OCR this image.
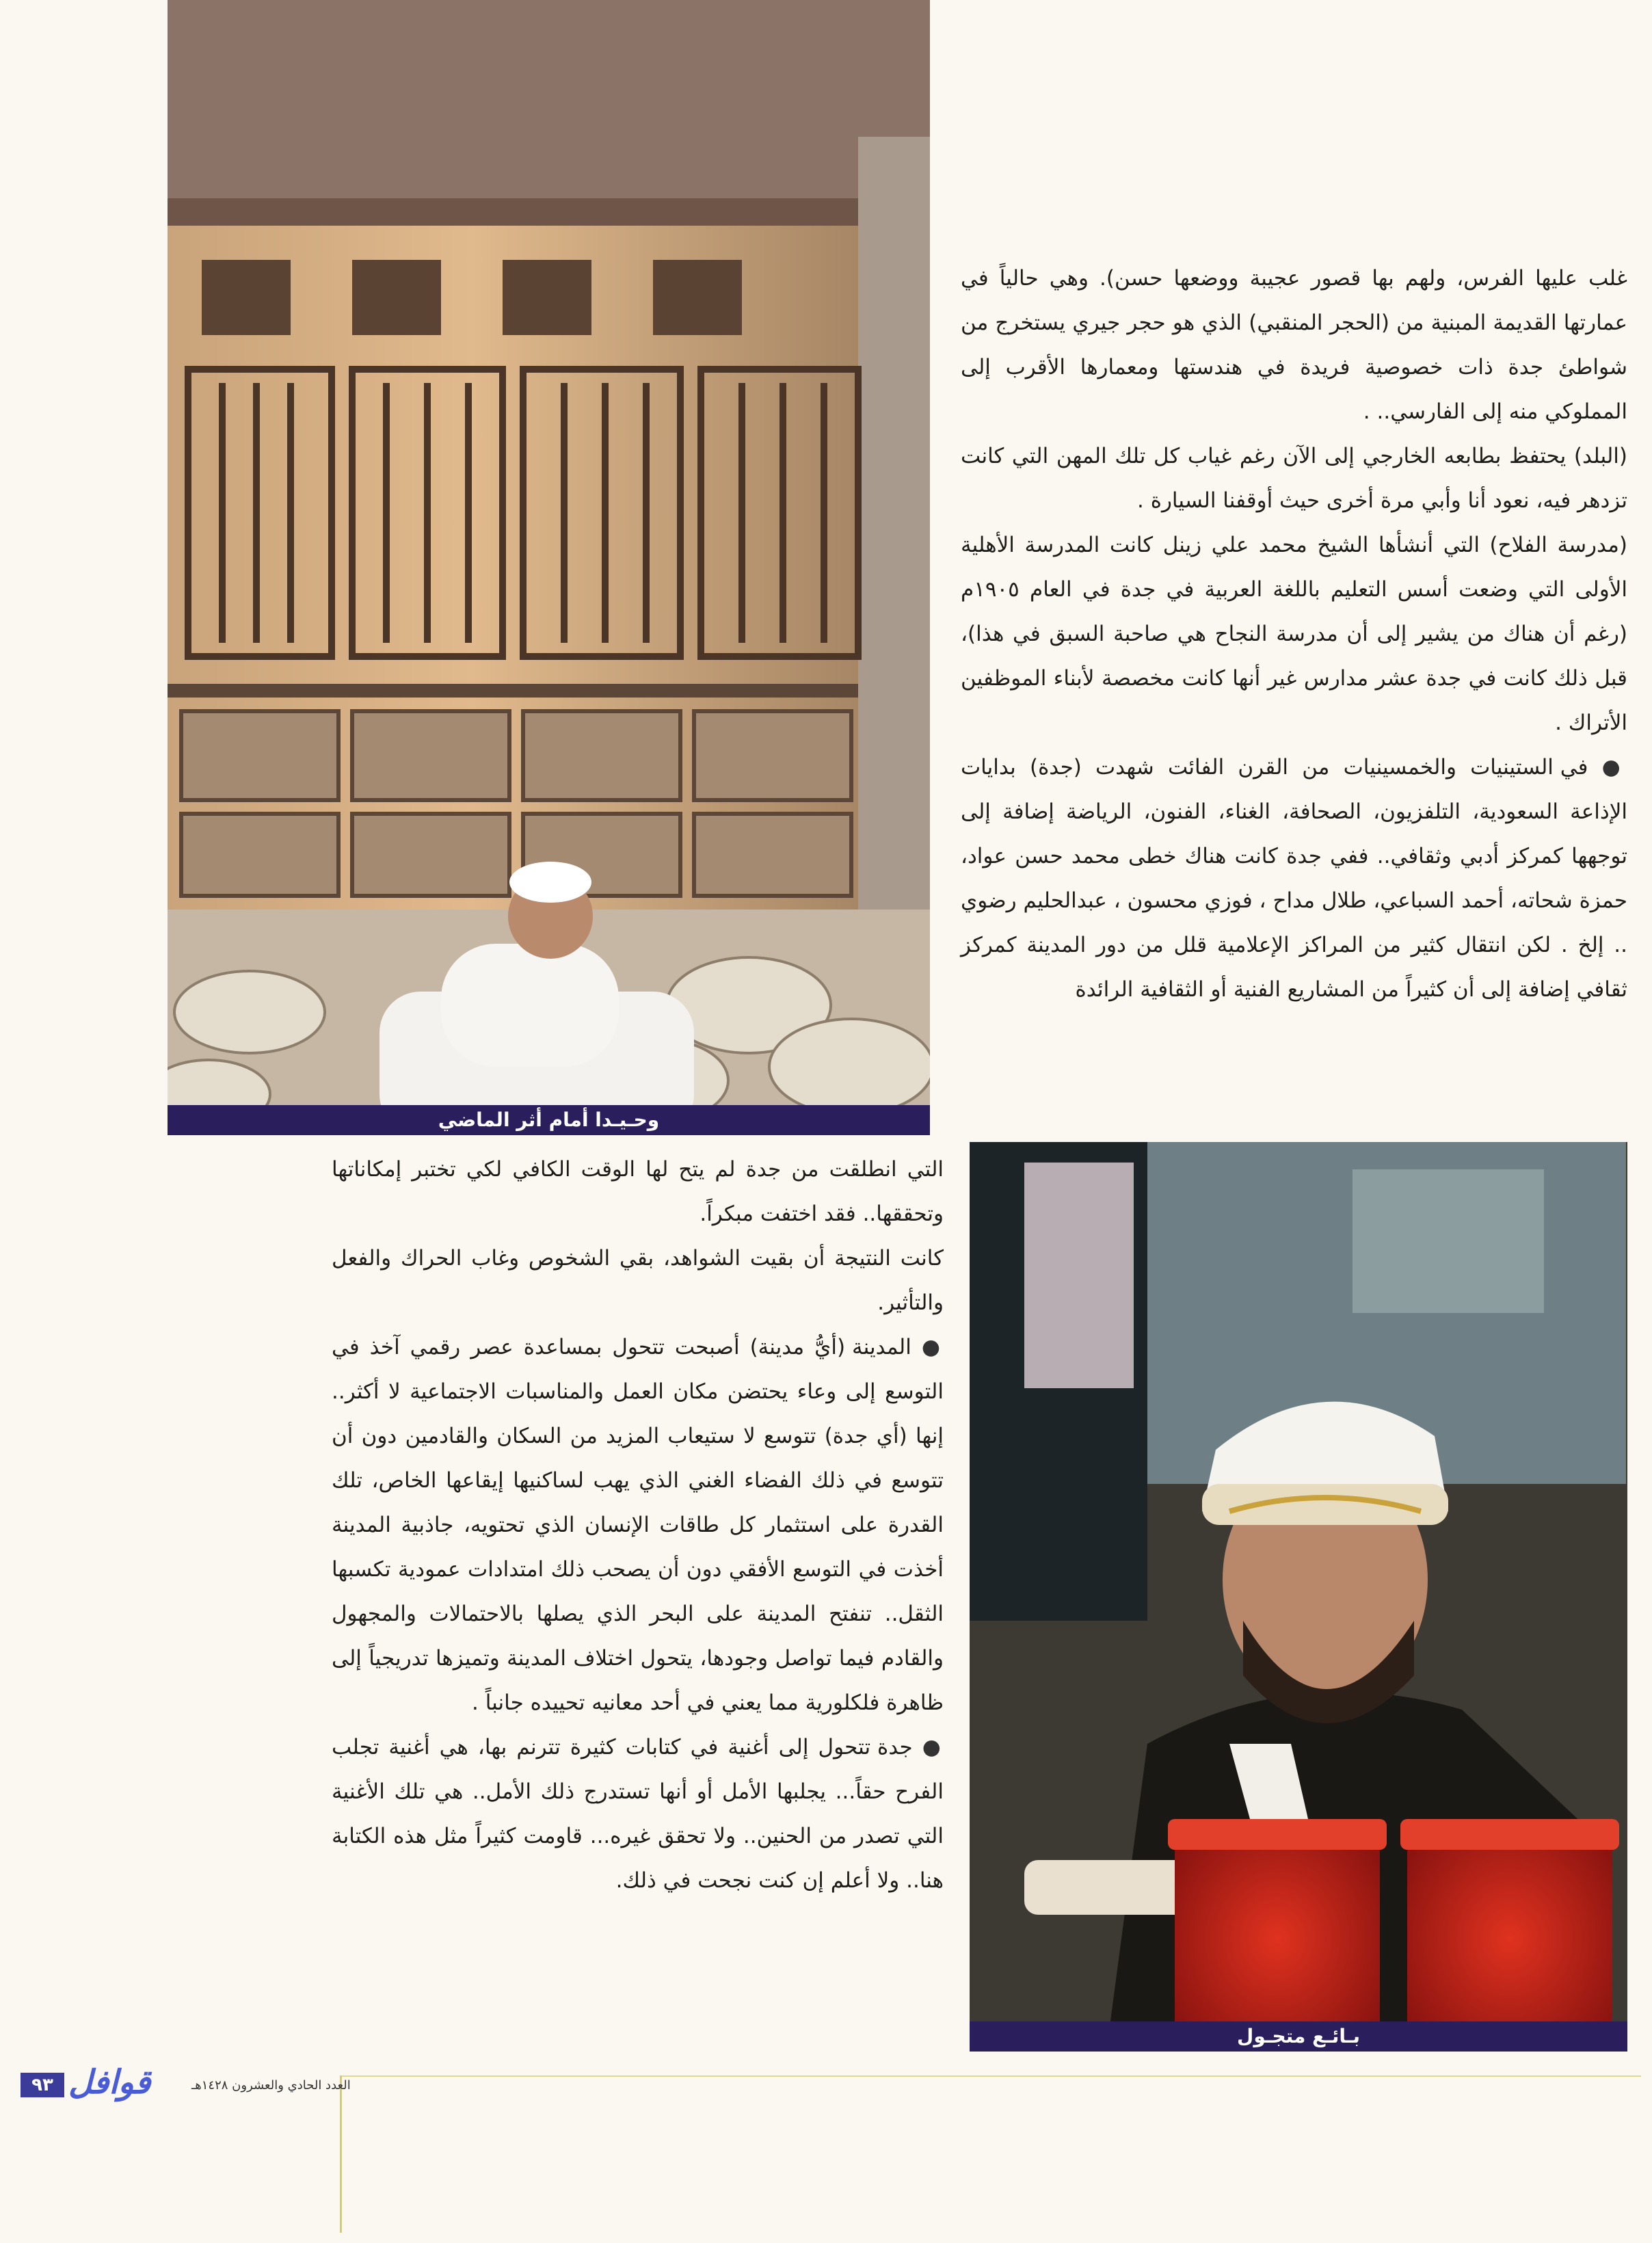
وحـيـدا أمام أثر الماضي

غلب عليها الفرس، ولهم بها قصور عجيبة ووضعها حسن). وهي حالياً في عمارتها القديمة المبنية من (الحجر المنقبي) الذي هو حجر جيري يستخرج من شواطئ جدة ذات خصوصية فريدة في هندستها ومعمارها الأقرب إلى المملوكي منه إلى الفارسي.. .

(البلد) يحتفظ بطابعه الخارجي إلى الآن رغم غياب كل تلك المهن التي كانت تزدهر فيه، نعود أنا وأبي مرة أخرى حيث أوقفنا السيارة .

(مدرسة الفلاح) التي أنشأها الشيخ محمد علي زينل كانت المدرسة الأهلية الأولى التي وضعت أسس التعليم باللغة العربية في جدة في العام ١٩٠٥م (رغم أن هناك من يشير إلى أن مدرسة النجاح هي صاحبة السبق في هذا)، قبل ذلك كانت في جدة عشر مدارس غير أنها كانت مخصصة لأبناء الموظفين الأتراك .

● في الستينيات والخمسينيات من القرن الفائت شهدت (جدة) بدايات الإذاعة السعودية، التلفزيون، الصحافة، الغناء، الفنون، الرياضة إضافة إلى توجهها كمركز أدبي وثقافي.. ففي جدة كانت هناك خطى محمد حسن عواد، حمزة شحاته، أحمد السباعي، طلال مداح ، فوزي محسون ، عبدالحليم رضوي .. إلخ . لكن انتقال كثير من المراكز الإعلامية قلل من دور المدينة كمركز ثقافي إضافة إلى أن كثيراً من المشاريع الفنية أو الثقافية الرائدة

بـائـع متجـول

التي انطلقت من جدة لم يتح لها الوقت الكافي لكي تختبر إمكاناتها وتحققها.. فقد اختفت مبكراً.

كانت النتيجة أن بقيت الشواهد، بقي الشخوص وغاب الحراك والفعل والتأثير.

● المدينة (أيُّ مدينة) أصبحت تتحول بمساعدة عصر رقمي آخذ في التوسع إلى وعاء يحتضن مكان العمل والمناسبات الاجتماعية لا أكثر.. إنها (أي جدة) تتوسع لا ستيعاب المزيد من السكان والقادمين دون أن تتوسع في ذلك الفضاء الغني الذي يهب لساكنيها إيقاعها الخاص، تلك القدرة على استثمار كل طاقات الإنسان الذي تحتويه، جاذبية المدينة أخذت في التوسع الأفقي دون أن يصحب ذلك امتدادات عمودية تكسبها الثقل.. تنفتح المدينة على البحر الذي يصلها بالاحتمالات والمجهول والقادم فيما تواصل وجودها، يتحول اختلاف المدينة وتميزها تدريجياً إلى ظاهرة فلكلورية مما يعني في أحد معانيه تحييده جانباً .

● جدة تتحول إلى أغنية في كتابات كثيرة تترنم بها، هي أغنية تجلب الفرح حقاً... يجلبها الأمل أو أنها تستدرج ذلك الأمل.. هي تلك الأغنية التي تصدر من الحنين.. ولا تحقق غيره... قاومت كثيراً مثل هذه الكتابة هنا.. ولا أعلم إن كنت نجحت في ذلك.

٩٣ قوافل	العدد الحادي والعشرون ١٤٢٨هـ
